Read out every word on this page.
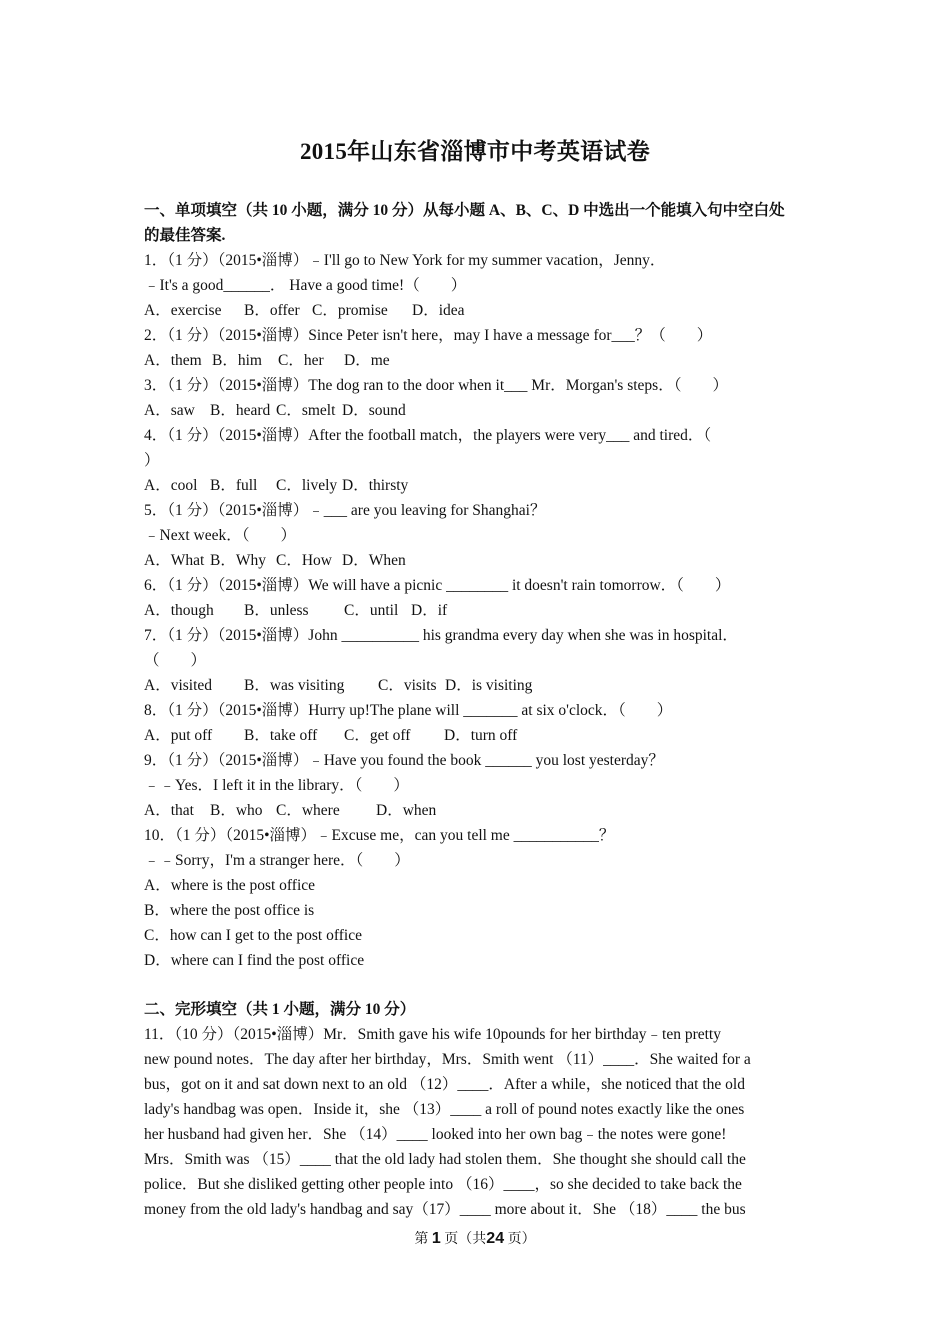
2015年山东省淄博市中考英语试卷
一、单项填空（共 10 小题，满分 10 分）从每小题 A、B、C、D 中选出一个能填入句中空白处
的最佳答案.
1．（1 分）（2015•淄博）﹣I'll go to New York for my summer vacation，Jenny．
﹣It's a good______． Have a good time!（　　）
A．exercise B．offer C．promise D．idea
2．（1 分）（2015•淄博）Since Peter isn't here，may I have a message for___？（　　）
A．them B．him C．her D．me
3．（1 分）（2015•淄博）The dog ran to the door when it___ Mr．Morgan's steps．（　　）
A．saw B．heard C．smelt D．sound
4．（1 分）（2015•淄博）After the football match，the players were very___ and tired．（
）
A．cool B．full C．lively D．thirsty
5．（1 分）（2015•淄博）﹣___ are you leaving for Shanghai？
﹣Next week．（　　）
A．What B．Why C．How D．When
6．（1 分）（2015•淄博）We will have a picnic ________ it doesn't rain tomorrow．（　　）
A．though B．unless C．until D．if
7．（1 分）（2015•淄博）John __________ his grandma every day when she was in hospital．
（　　）
A．visited B．was visiting C．visits D．is visiting
8．（1 分）（2015•淄博）Hurry up!The plane will _______ at six o'clock．（　　）
A．put off B．take off C．get off D．turn off
9．（1 分）（2015•淄博）﹣Have you found the book ______ you lost yesterday？
﹣﹣Yes．I left it in the library．（　　）
A．that B．who C．where D．when
10．（1 分）（2015•淄博）﹣Excuse me，can you tell me ___________？
﹣﹣Sorry，I'm a stranger here．（　　）
A．where is the post office
B．where the post office is
C．how can I get to the post office
D．where can I find the post office
二、完形填空（共 1 小题，满分 10 分）
11．（10 分）（2015•淄博）Mr．Smith gave his wife 10pounds for her birthday﹣ten pretty
new pound notes．The day after her birthday，Mrs．Smith went （11）____．She waited for a
bus，got on it and sat down next to an old （12）____．After a while，she noticed that the old
lady's handbag was open．Inside it，she （13）____ a roll of pound notes exactly like the ones
her husband had given her．She （14）____ looked into her own bag﹣the notes were gone!
Mrs．Smith was （15）____ that the old lady had stolen them．She thought she should call the
police．But she disliked getting other people into （16）____，so she decided to take back the
money from the old lady's handbag and say（17）____ more about it．She （18）____ the bus
第 1 页（共24 页）
